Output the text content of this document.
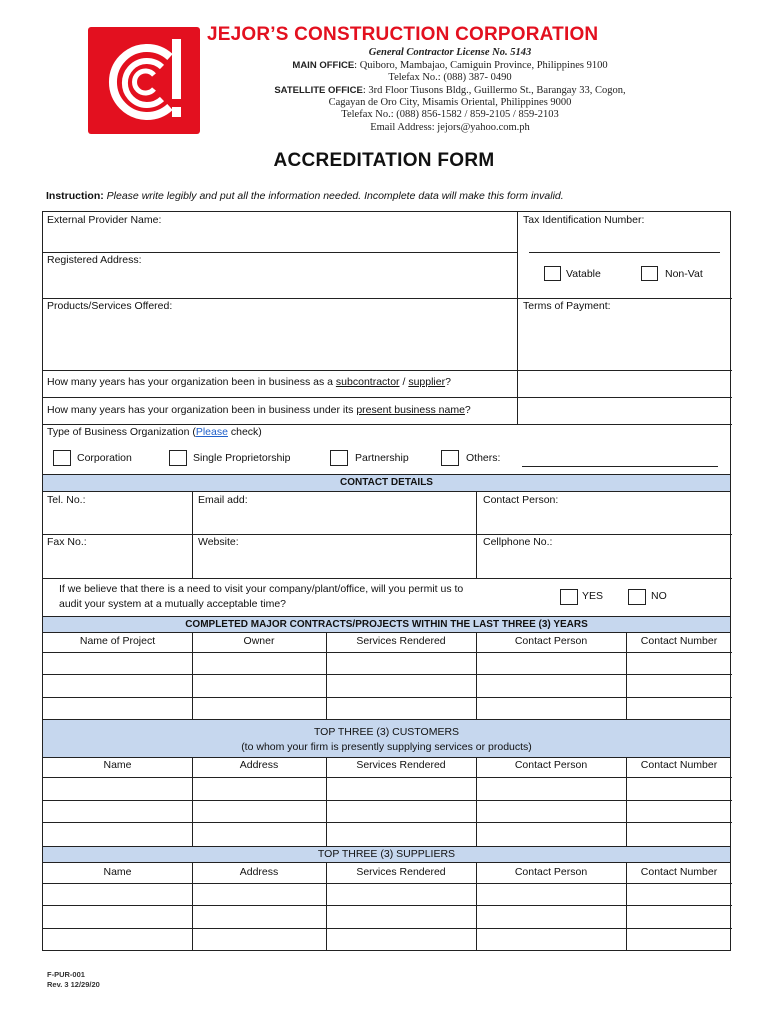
JEJOR’S CONSTRUCTION CORPORATION
General Contractor License No. 5143
MAIN OFFICE: Quiboro, Mambajao, Camiguin Province, Philippines 9100
Telefax No.: (088) 387- 0490
SATELLITE OFFICE: 3rd Floor Tiusons Bldg., Guillermo St., Barangay 33, Cogon,
Cagayan de Oro City, Misamis Oriental, Philippines 9000
Telefax No.: (088) 856-1582 / 859-2105 / 859-2103
Email Address: jejors@yahoo.com.ph
ACCREDITATION FORM
Instruction: Please write legibly and put all the information needed. Incomplete data will make this form invalid.
External Provider Name:	Tax Identification Number:
Registered Address:
Vatable	Non-Vat
Products/Services Offered:	Terms of Payment:
How many years has your organization been in business as a subcontractor / supplier?
How many years has your organization been in business under its present business name?
Type of Business Organization (Please check)
Corporation	Single Proprietorship	Partnership	Others:
CONTACT DETAILS
Tel. No.:	Email add:	Contact Person:
Fax No.:	Website:	Cellphone No.:
If we believe that there is a need to visit your company/plant/office, will you permit us to
audit your system at a mutually acceptable time?
YES	NO
COMPLETED MAJOR CONTRACTS/PROJECTS WITHIN THE LAST THREE (3) YEARS
Name of Project	Owner	Services Rendered	Contact Person	Contact Number
TOP THREE (3) CUSTOMERS
(to whom your firm is presently supplying services or products)
Name	Address	Services Rendered	Contact Person	Contact Number
TOP THREE (3) SUPPLIERS
Name	Address	Services Rendered	Contact Person	Contact Number
F-PUR-001
Rev. 3 12/29/20
